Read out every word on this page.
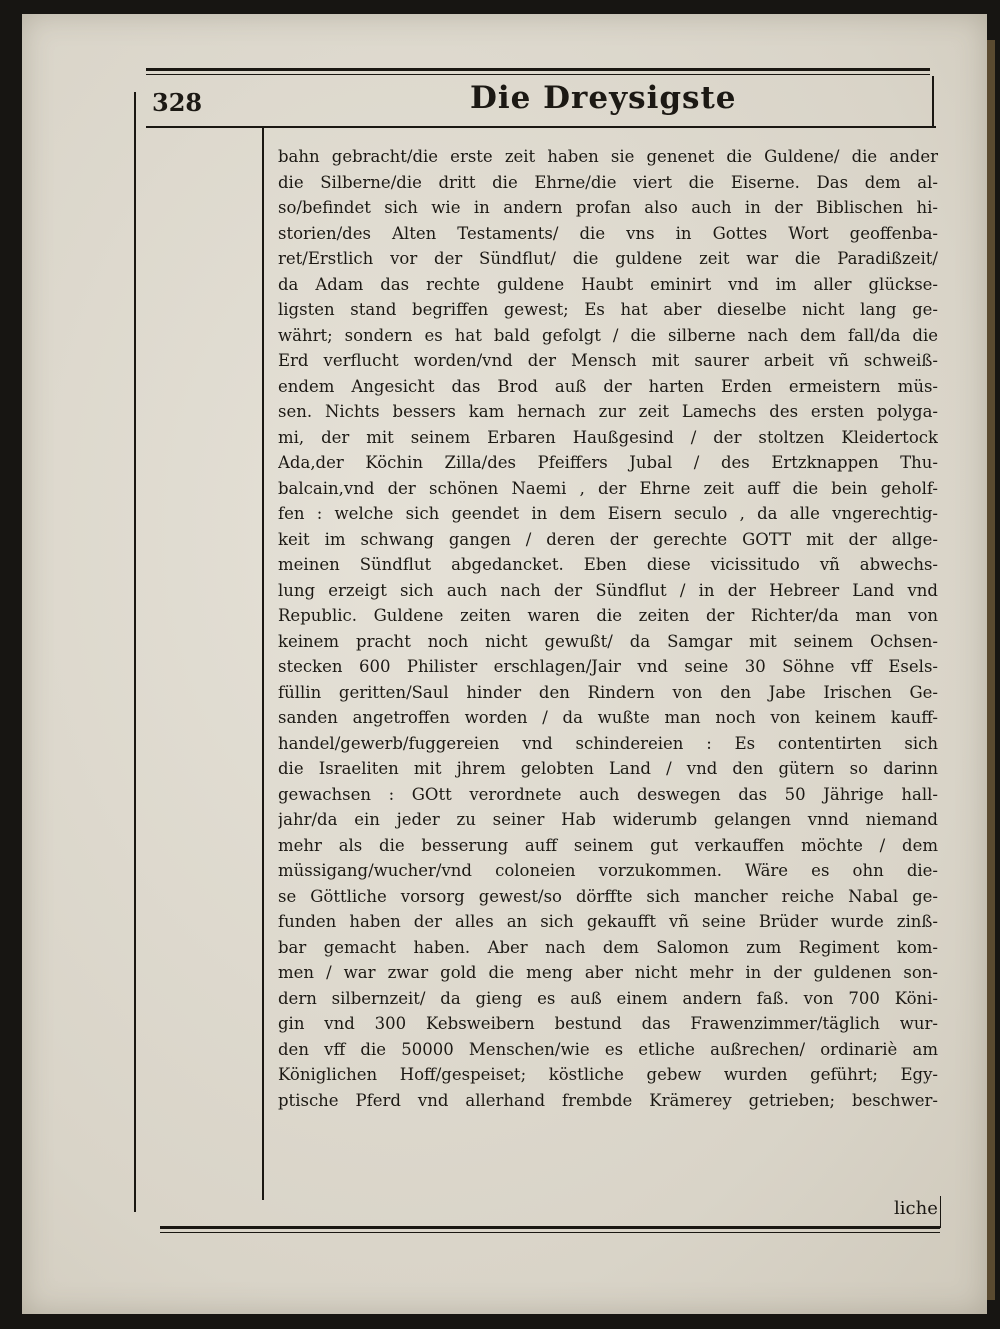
328	Die Dreysigste
bahn gebracht/die erste zeit haben sie genenet die Guldene/ die ander
die Silberne/die dritt die Ehrne/die viert die Eiserne. Das dem al-
so/befindet sich wie in andern profan also auch in der Biblischen hi-
storien/des Alten Testaments/ die vns in Gottes Wort geoffenba-
ret/Erstlich vor der Sündflut/ die guldene zeit war die Paradißzeit/
da Adam das rechte guldene Haubt eminirt vnd im aller glückse-
ligsten stand begriffen gewest; Es hat aber dieselbe nicht lang ge-
währt; sondern es hat bald gefolgt / die silberne nach dem fall/da die
Erd verflucht worden/vnd der Mensch mit saurer arbeit vñ schweiß-
endem Angesicht das Brod auß der harten Erden ermeistern müs-
sen. Nichts bessers kam hernach zur zeit Lamechs des ersten polyga-
mi, der mit seinem Erbaren Haußgesind / der stoltzen Kleidertock
Ada,der Köchin Zilla/des Pfeiffers Jubal / des Ertzknappen Thu-
balcain,vnd der schönen Naemi , der Ehrne zeit auff die bein geholf-
fen : welche sich geendet in dem Eisern seculo , da alle vngerechtig-
keit im schwang gangen / deren der gerechte GOTT mit der allge-
meinen Sündflut abgedancket. Eben diese vicissitudo vñ abwechs-
lung erzeigt sich auch nach der Sündflut / in der Hebreer Land vnd
Republic. Guldene zeiten waren die zeiten der Richter/da man von
keinem pracht noch nicht gewußt/ da Samgar mit seinem Ochsen-
stecken 600 Philister erschlagen/Jair vnd seine 30 Söhne vff Esels-
füllin geritten/Saul hinder den Rindern von den Jabe Irischen Ge-
sanden angetroffen worden / da wußte man noch von keinem kauff-
handel/gewerb/fuggereien vnd schindereien : Es contentirten sich
die Israeliten mit jhrem gelobten Land / vnd den gütern so darinn
gewachsen : GOtt verordnete auch deswegen das 50 Jährige hall-
jahr/da ein jeder zu seiner Hab widerumb gelangen vnnd niemand
mehr als die besserung auff seinem gut verkauffen möchte / dem
müssigang/wucher/vnd coloneien vorzukommen. Wäre es ohn die-
se Göttliche vorsorg gewest/so dörffte sich mancher reiche Nabal ge-
funden haben der alles an sich gekaufft vñ seine Brüder wurde zinß-
bar gemacht haben. Aber nach dem Salomon zum Regiment kom-
men / war zwar gold die meng aber nicht mehr in der guldenen son-
dern silbernzeit/ da gieng es auß einem andern faß. von 700 Köni-
gin vnd 300 Kebsweibern bestund das Frawenzimmer/täglich wur-
den vff die 50000 Menschen/wie es etliche außrechen/ ordinariè am
Königlichen Hoff/gespeiset; köstliche gebew wurden geführt; Egy-
ptische Pferd vnd allerhand frembde Krämerey getrieben; beschwer-
liche
